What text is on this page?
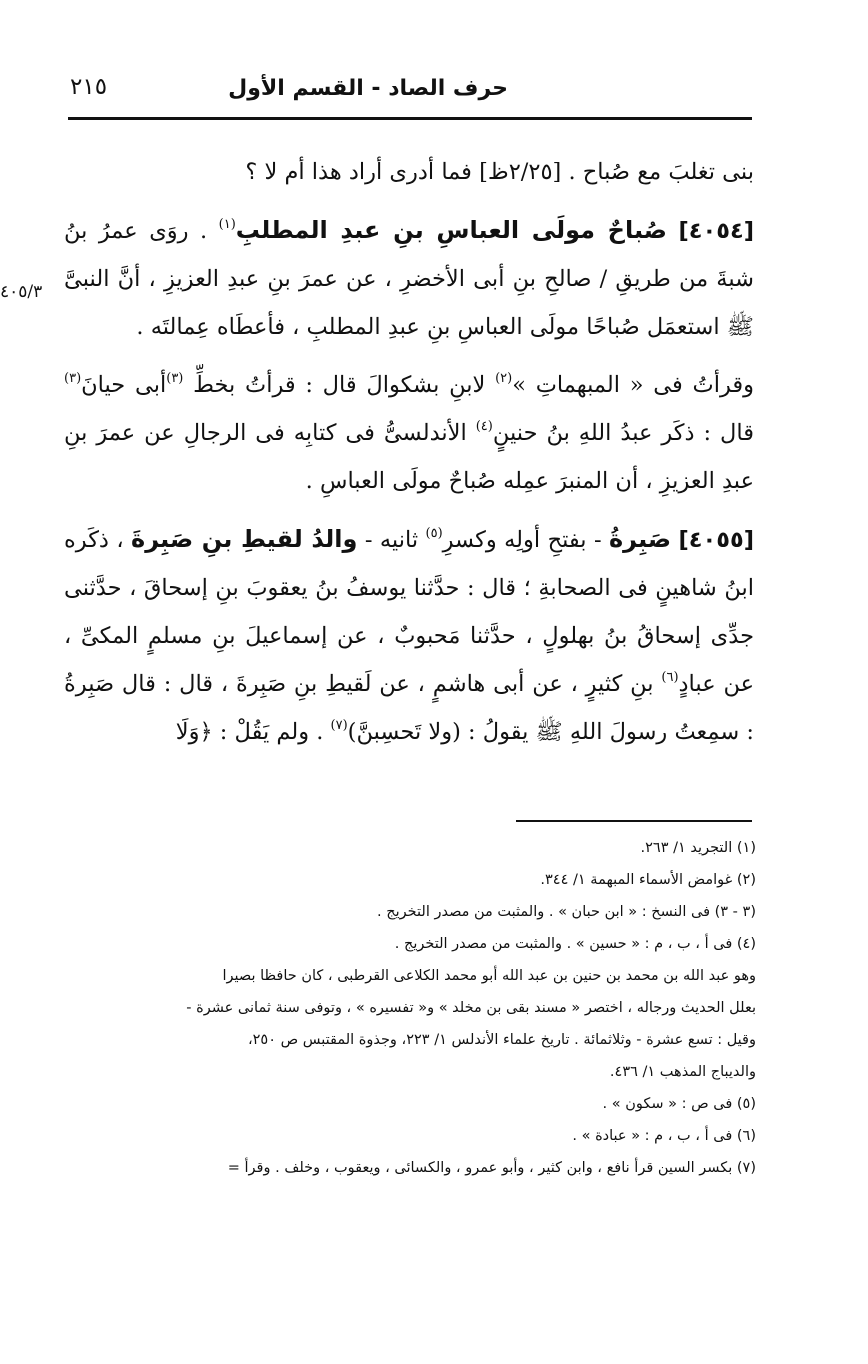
حرف الصاد - القسم الأول
٢١٥
٤٠٥/٣

بنى تغلبَ مع صُباح . [٢/٢٥ظ] فما أدرى أراد هذا أم لا ؟

[٤٠٥٤] صُباحٌ مولَى العباسِ بنِ عبدِ المطلبِ$^{(١)}$ . روَى عمرُ بنُ شبةَ من طريقِ / صالحِ بنِ أبى الأخضرِ ، عن عمرَ بنِ عبدِ العزيزِ ، أنَّ النبىَّ ﷺ استعمَل صُباحًا مولَى العباسِ بنِ عبدِ المطلبِ ، فأعطَاه عِمالتَه .

وقرأتُ فى « المبهماتِ »$^{(٢)}$ لابنِ بشكوالَ قال : قرأتُ بخطِّ $^{(٣)}$أبى حيانَ$^{(٣)}$ قال : ذكَر عبدُ اللهِ بنُ حنينٍ$^{(٤)}$ الأندلسىُّ فى كتابِه فى الرجالِ عن عمرَ بنِ عبدِ العزيزِ ، أن المنبرَ عمِله صُباحٌ مولَى العباسِ .

[٤٠٥٥] صَبِرةُ - بفتحِ أولِه وكسرِ$^{(٥)}$ ثانيه - والدُ لقيطِ بنِ صَبِرةَ ، ذكَره ابنُ شاهينٍ فى الصحابةِ ؛ قال : حدَّثنا يوسفُ بنُ يعقوبَ بنِ إسحاقَ ، حدَّثنى جدِّى إسحاقُ بنُ بهلولٍ ، حدَّثنا مَحبوبٌ ، عن إسماعيلَ بنِ مسلمٍ المكىِّ ، عن عبادٍ$^{(٦)}$ بنِ كثيرٍ ، عن أبى هاشمٍ ، عن لَقيطِ بنِ صَبِرةَ ، قال : قال صَبِرةُ : سمِعتُ رسولَ اللهِ ﷺ يقولُ : (ولا تَحسِبنَّ)$^{(٧)}$ . ولم يَقُلْ : ﴿وَلَا

(١) التجريد ١/ ٢٦٣.
(٢) غوامض الأسماء المبهمة ١/ ٣٤٤.
(٣ - ٣) فى النسخ : « ابن حبان » . والمثبت من مصدر التخريج .
(٤) فى أ ، ب ، م : « حسين » . والمثبت من مصدر التخريج .
وهو عبد الله بن محمد بن حنين بن عبد الله أبو محمد الكلاعى القرطبى ، كان حافظا بصيرا
بعلل الحديث ورجاله ، اختصر « مسند بقى بن مخلد » و« تفسيره » ، وتوفى سنة ثمانى عشرة -
وقيل : تسع عشرة - وثلاثمائة . تاريخ علماء الأندلس ١/ ٢٢٣، وجذوة المقتبس ص ٢٥٠،
والديباج المذهب ١/ ٤٣٦.
(٥) فى ص : « سكون » .
(٦) فى أ ، ب ، م : « عبادة » .
(٧) بكسر السين قرأ نافع ، وابن كثير ، وأبو عمرو ، والكسائى ، ويعقوب ، وخلف . وقرأ =
